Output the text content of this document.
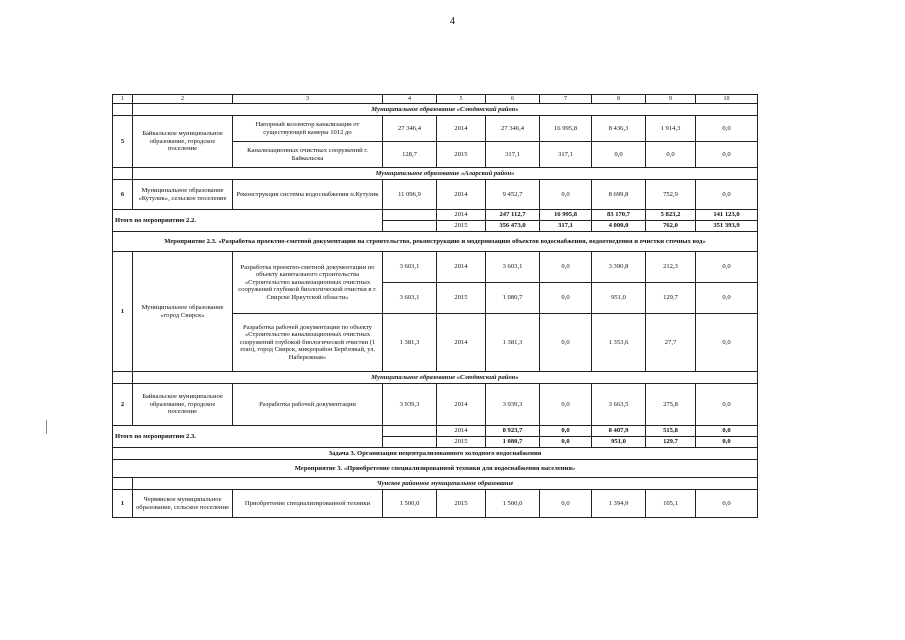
4
1	2	3	4	5	6	7	8	9	10
	Муниципальное образование «Слюдянский район»								
5	Байкальское муниципальное образование, городское поселение	Напорный коллектор канализации от существующей камеры 1012 до	27 346,4	2014	27 346,4	16 995,8	8 436,3	1 914,3	0,0
		Канализационных очистных сооружений г. Байкальска	128,7	2015	317,1	317,1	0,0	0,0	0,0
	Муниципальное образование «Аларский район»								
6	Муниципальное образование «Кутулик», сельское поселение	Реконструкция системы водоснабжения п.Кутулик	11 096,9	2014	9 452,7	0,0	8 699,8	752,9	0,0
Итого по мероприятию 2.2.				2014	247 112,7	16 995,8	83 170,7	5 823,2	141 123,0
				2015	356 473,0	317,1	4 000,0	762,0	351 393,9
Мероприятие 2.3. «Разработка проектно-сметной документации на строительство, реконструкцию и модернизацию объектов водоснабжения, водоотведения и очистки сточных вод»									
1	Муниципальное образование «город Свирск»	Разработка проектно-сметной документации по объекту капитального строительства «Строительство канализационных очистных сооружений глубокой биологической очистки в г. Свирске Иркутской области»	3 603,1	2014	3 603,1	0,0	3 390,8	212,3	0,0
			3 603,1	2015	1 080,7	0,0	951,0	129,7	0,0
		Разработка рабочей документации по объекту «Строительство канализационных очистных сооружений глубокой биологической очистки (1 этап), город Свирск, микрорайон Берёзовый, ул. Набережная»	1 381,3	2014	1 381,3	0,0	1 353,6	27,7	0,0
	Муниципальное образование «Слюдянский район»								
2	Байкальское муниципальное образование, городское поселение	Разработка рабочей документации	3 939,3	2014	3 939,3	0,0	3 663,5	275,8	0,0
Итого по мероприятию 2.3.				2014	8 923,7	0,0	8 407,9	515,8	0,0
				2015	1 080,7	0,0	951,0	129,7	0,0
Задача 3. Организация нецентрализованного холодного водоснабжения									
Мероприятие 3. «Приобретение специализированной техники для водоснабжения населения»									
	Чунское районное муниципальное образование								
1	Червянское муниципальное образование, сельское поселение	Приобретение специализированной техники	1 500,0	2015	1 500,0	0,0	1 394,9	105,1	0,0
